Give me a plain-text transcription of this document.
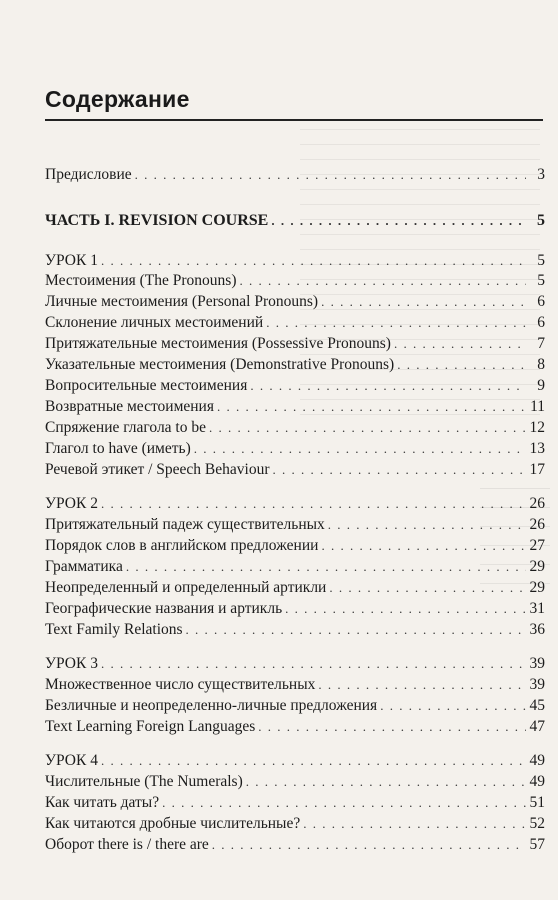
Содержание
Предисловие . . .	3
ЧАСТЬ I. REVISION COURSE . . .	5
УРОК 1 . . .	5
Местоимения (The Pronouns) . . .	5
Личные местоимения (Personal Pronouns) . . .	6
Склонение личных местоимений . . .	6
Притяжательные местоимения (Possessive Pronouns) . . .	7
Указательные местоимения (Demonstrative Pronouns) . . .	8
Вопросительные местоимения . . .	9
Возвратные местоимения . . .	11
Спряжение глагола to be . . .	12
Глагол to have (иметь) . . .	13
Речевой этикет / Speech Behaviour . . .	17
УРОК 2 . . .	26
Притяжательный падеж существительных . . .	26
Порядок слов в английском предложении . . .	27
Грамматика . . .	29
Неопределенный и определенный артикли . . .	29
Географические названия и артикль . . .	31
Text Family Relations . . .	36
УРОК 3 . . .	39
Множественное число существительных . . .	39
Безличные и неопределенно-личные предложения . . .	45
Text Learning Foreign Languages . . .	47
УРОК 4 . . .	49
Числительные (The Numerals) . . .	49
Как читать даты? . . .	51
Как читаются дробные числительные? . . .	52
Оборот there is / there are . . .	57
